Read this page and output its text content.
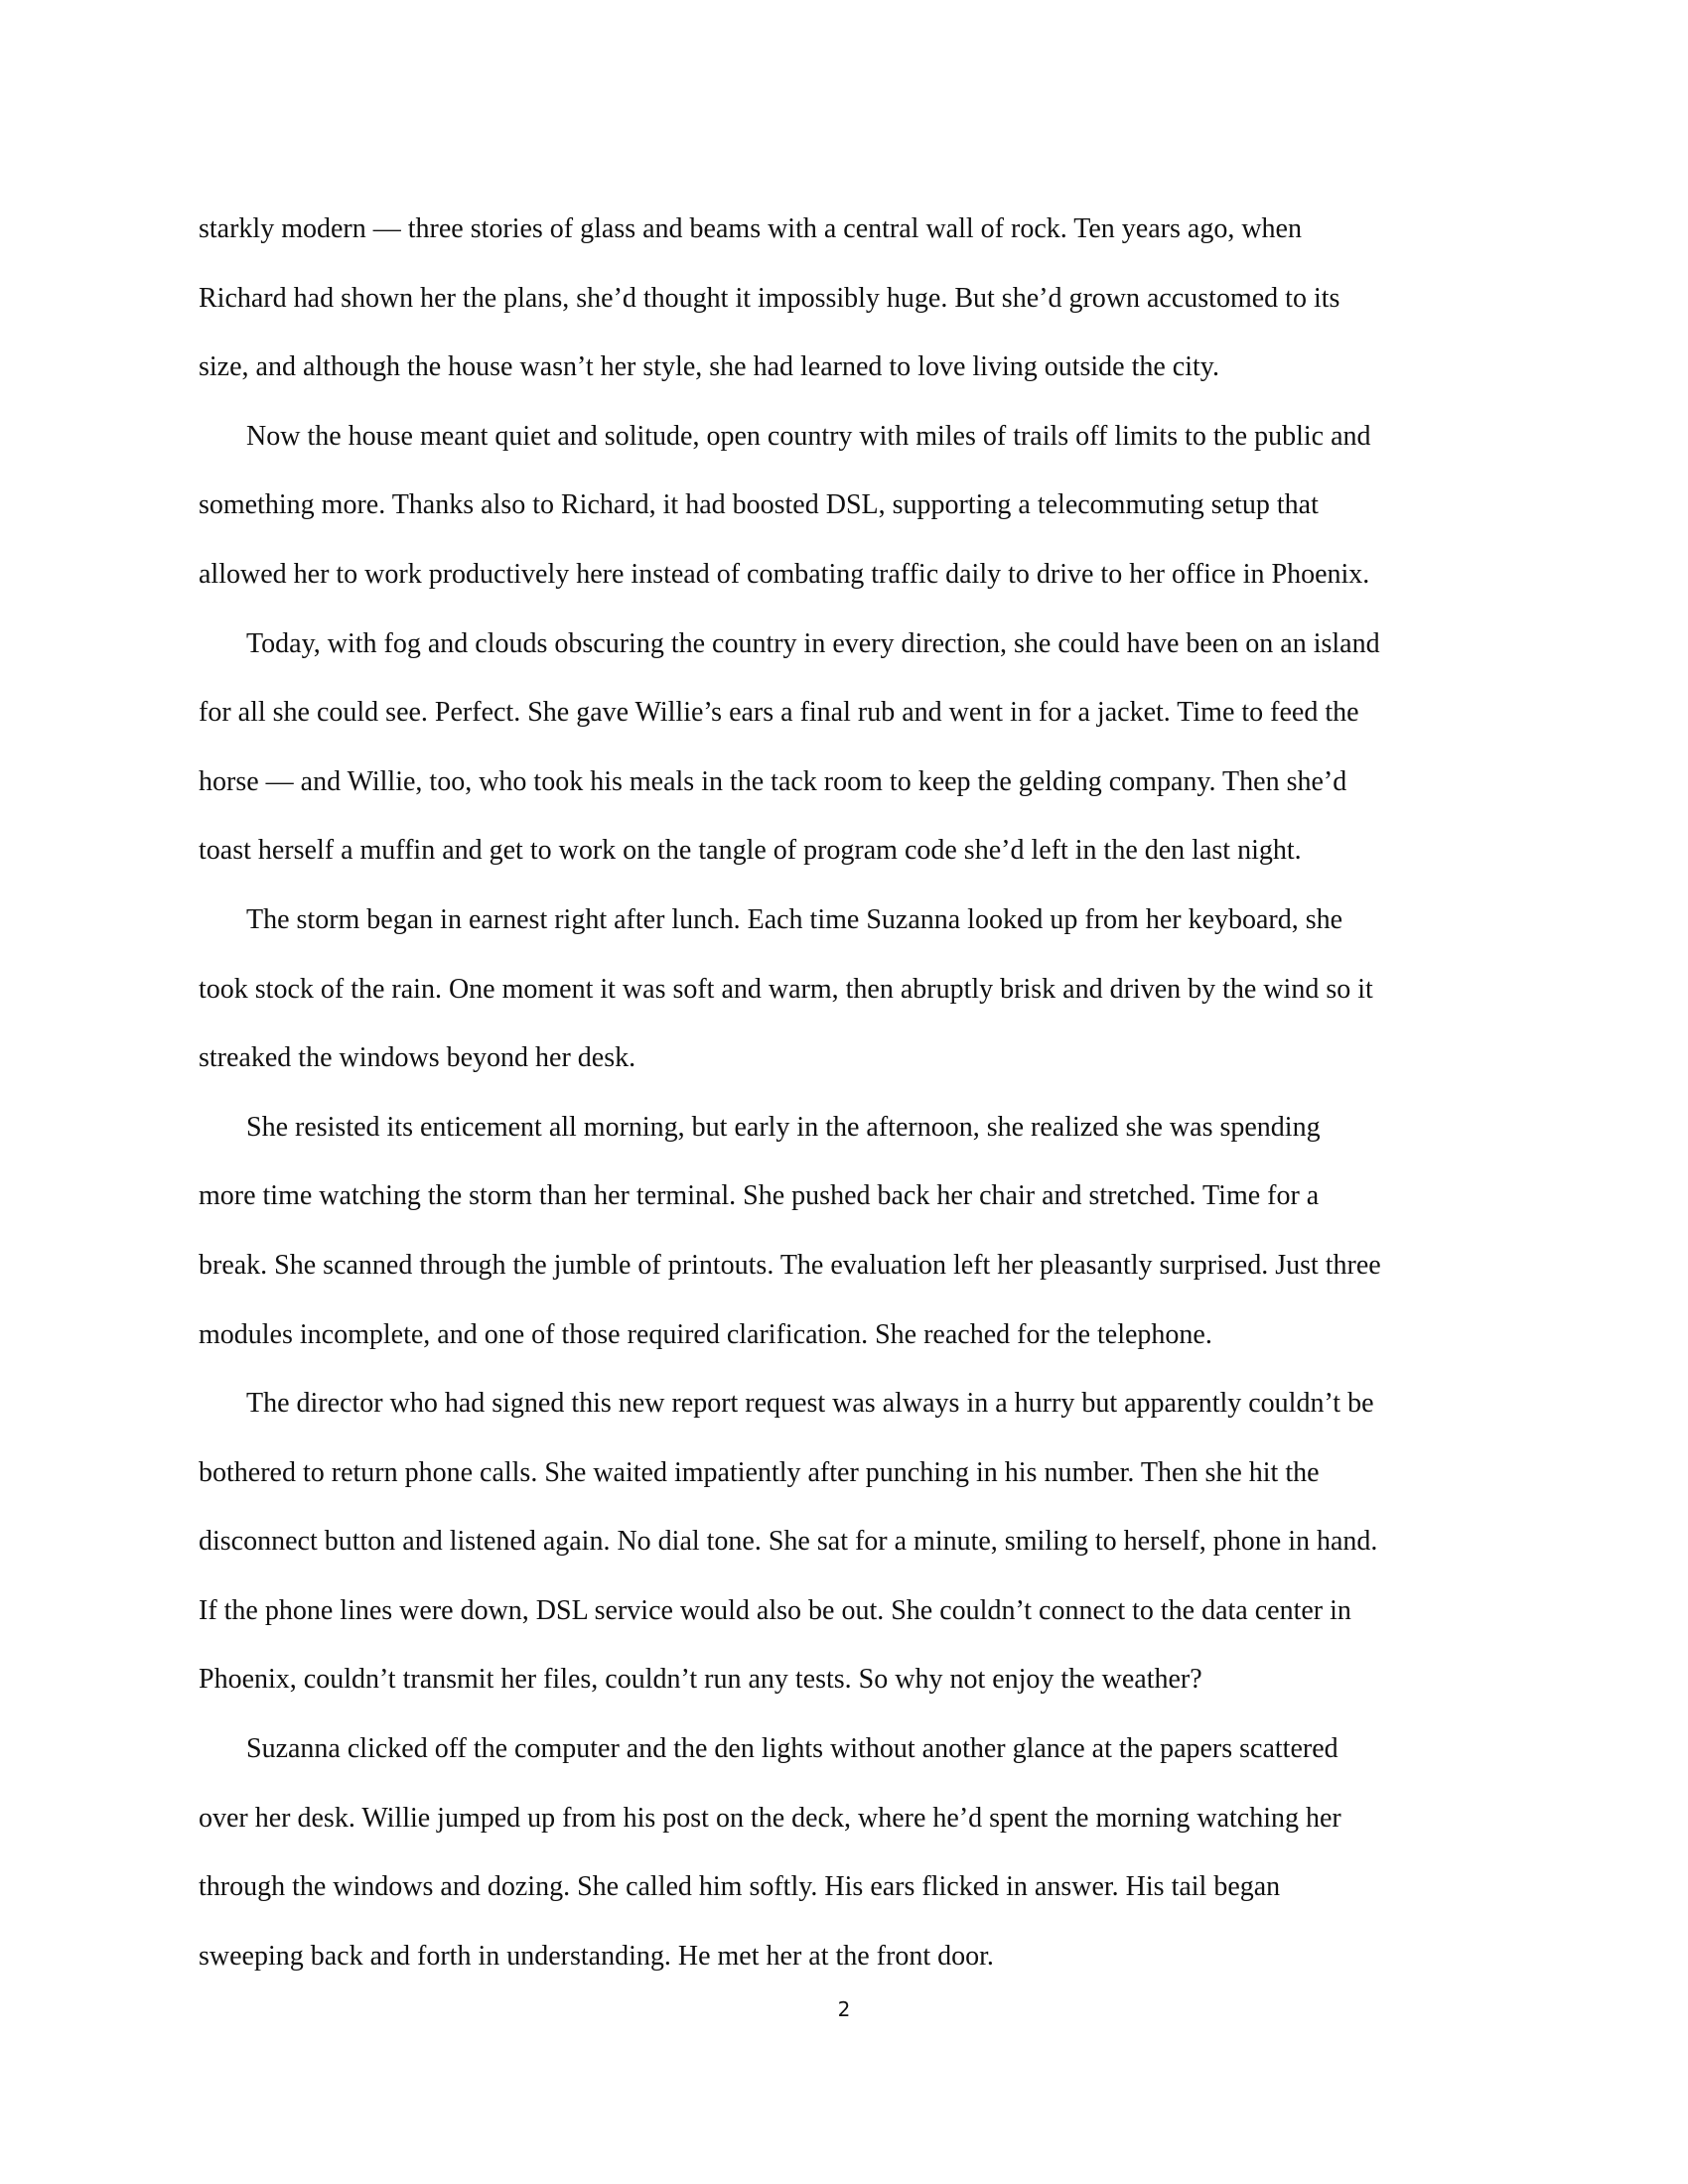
starkly modern — three stories of glass and beams with a central wall of rock. Ten years ago, when
Richard had shown her the plans, she’d thought it impossibly huge. But she’d grown accustomed to its
size, and although the house wasn’t her style, she had learned to love living outside the city.
Now the house meant quiet and solitude, open country with miles of trails off limits to the public and
something more. Thanks also to Richard, it had boosted DSL, supporting a telecommuting setup that
allowed her to work productively here instead of combating traffic daily to drive to her office in Phoenix.
Today, with fog and clouds obscuring the country in every direction, she could have been on an island
for all she could see. Perfect. She gave Willie’s ears a final rub and went in for a jacket. Time to feed the
horse — and Willie, too, who took his meals in the tack room to keep the gelding company. Then she’d
toast herself a muffin and get to work on the tangle of program code she’d left in the den last night.
The storm began in earnest right after lunch. Each time Suzanna looked up from her keyboard, she
took stock of the rain. One moment it was soft and warm, then abruptly brisk and driven by the wind so it
streaked the windows beyond her desk.
She resisted its enticement all morning, but early in the afternoon, she realized she was spending
more time watching the storm than her terminal. She pushed back her chair and stretched. Time for a
break. She scanned through the jumble of printouts. The evaluation left her pleasantly surprised. Just three
modules incomplete, and one of those required clarification. She reached for the telephone.
The director who had signed this new report request was always in a hurry but apparently couldn’t be
bothered to return phone calls. She waited impatiently after punching in his number. Then she hit the
disconnect button and listened again. No dial tone. She sat for a minute, smiling to herself, phone in hand.
If the phone lines were down, DSL service would also be out. She couldn’t connect to the data center in
Phoenix, couldn’t transmit her files, couldn’t run any tests. So why not enjoy the weather?
Suzanna clicked off the computer and the den lights without another glance at the papers scattered
over her desk. Willie jumped up from his post on the deck, where he’d spent the morning watching her
through the windows and dozing. She called him softly. His ears flicked in answer. His tail began
sweeping back and forth in understanding. He met her at the front door.
2
